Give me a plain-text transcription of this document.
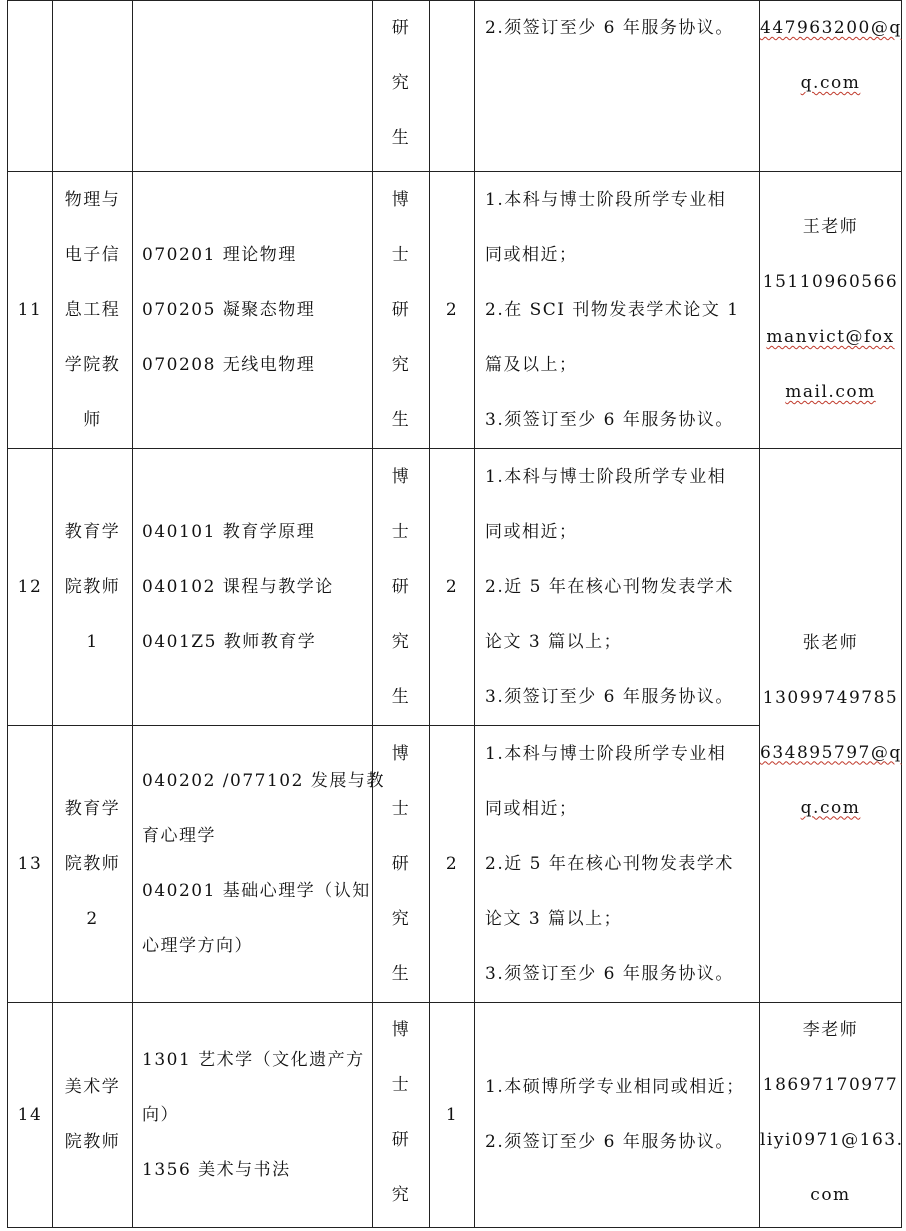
			研
究
生		2.须签订至少 6 年服务协议。	447963200@q
q.com

11	物理与
电子信
息工程
学院教
师	070201 理论物理
070205 凝聚态物理
070208 无线电物理	博
士
研
究
生	2	1.本科与博士阶段所学专业相
同或相近；
2.在 SCI 刊物发表学术论文 1
篇及以上；
3.须签订至少 6 年服务协议。	王老师
15110960566
manvict@fox
mail.com

12	教育学
院教师
1	040101 教育学原理
040102 课程与教学论
0401Z5 教师教育学	博
士
研
究
生	2	1.本科与博士阶段所学专业相
同或相近；
2.近 5 年在核心刊物发表学术
论文 3 篇以上；
3.须签订至少 6 年服务协议。	张老师
13099749785
634895797@q
q.com

13	教育学
院教师
2	040202 /077102 发展与教
育心理学
040201 基础心理学（认知
心理学方向）	博
士
研
究
生	2	1.本科与博士阶段所学专业相
同或相近；
2.近 5 年在核心刊物发表学术
论文 3 篇以上；
3.须签订至少 6 年服务协议。	

14	美术学
院教师	1301 艺术学（文化遗产方
向）
1356 美术与书法	博
士
研
究	1	1.本硕博所学专业相同或相近；
2.须签订至少 6 年服务协议。	李老师
18697170977
liyi0971@163.
com
